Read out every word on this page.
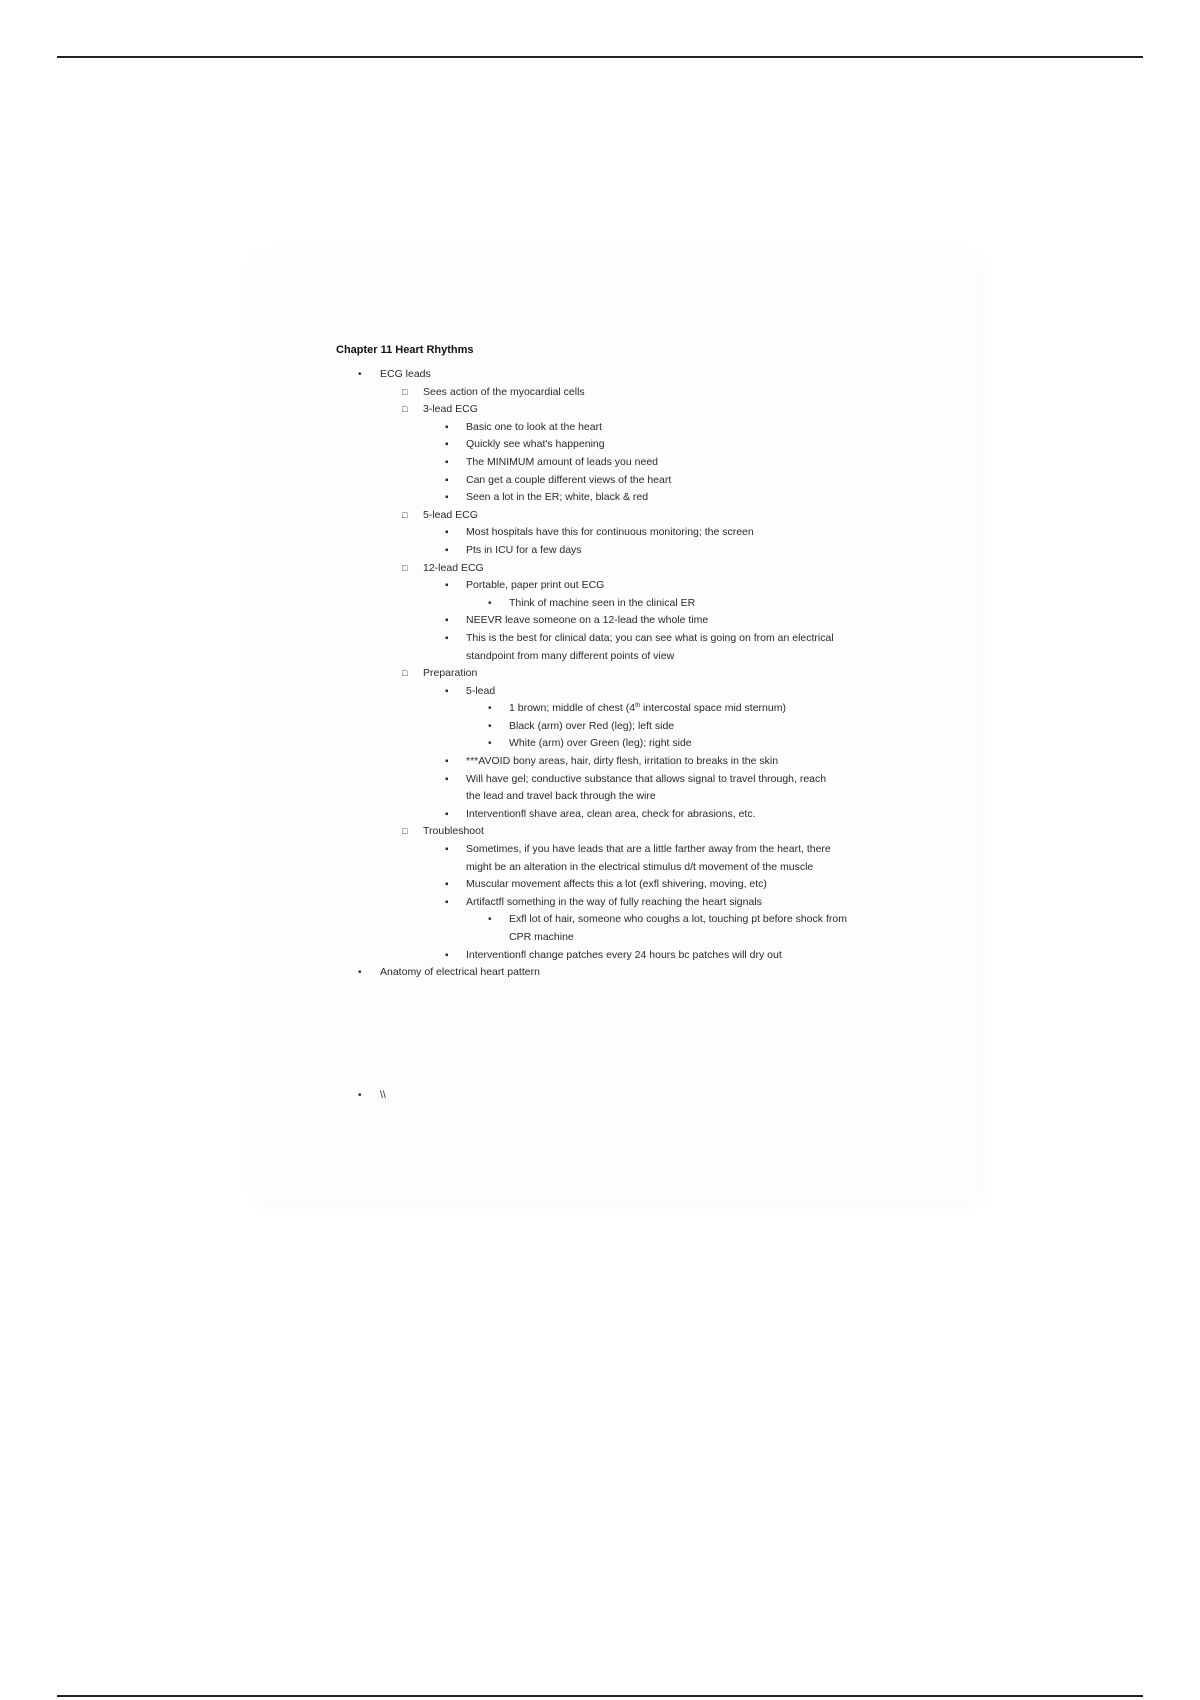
Chapter 11 Heart Rhythms
• ECG leads
□ Sees action of the myocardial cells
□ 3-lead ECG
▪ Basic one to look at the heart
▪ Quickly see what's happening
▪ The MINIMUM amount of leads you need
▪ Can get a couple different views of the heart
▪ Seen a lot in the ER; white, black & red
□ 5-lead ECG
▪ Most hospitals have this for continuous monitoring; the screen
▪ Pts in ICU for a few days
□ 12-lead ECG
▪ Portable, paper print out ECG
• Think of machine seen in the clinical ER
▪ NEEVR leave someone on a 12-lead the whole time
▪ This is the best for clinical data; you can see what is going on from an electrical
standpoint from many different points of view
□ Preparation
▪ 5-lead
• 1 brown; middle of chest (4th intercostal space mid sternum)
• Black (arm) over Red (leg); left side
• White (arm) over Green (leg); right side
▪ ***AVOID bony areas, hair, dirty flesh, irritation to breaks in the skin
▪ Will have gel; conductive substance that allows signal to travel through, reach
the lead and travel back through the wire
▪ Interventionfl shave area, clean area, check for abrasions, etc.
□ Troubleshoot
▪ Sometimes, if you have leads that are a little farther away from the heart, there
might be an alteration in the electrical stimulus d/t movement of the muscle
▪ Muscular movement affects this a lot (exfl shivering, moving, etc)
▪ Artifactfl something in the way of fully reaching the heart signals
• Exfl lot of hair, someone who coughs a lot, touching pt before shock from
CPR machine
▪ Interventionfl change patches every 24 hours bc patches will dry out
• Anatomy of electrical heart pattern
• \\
